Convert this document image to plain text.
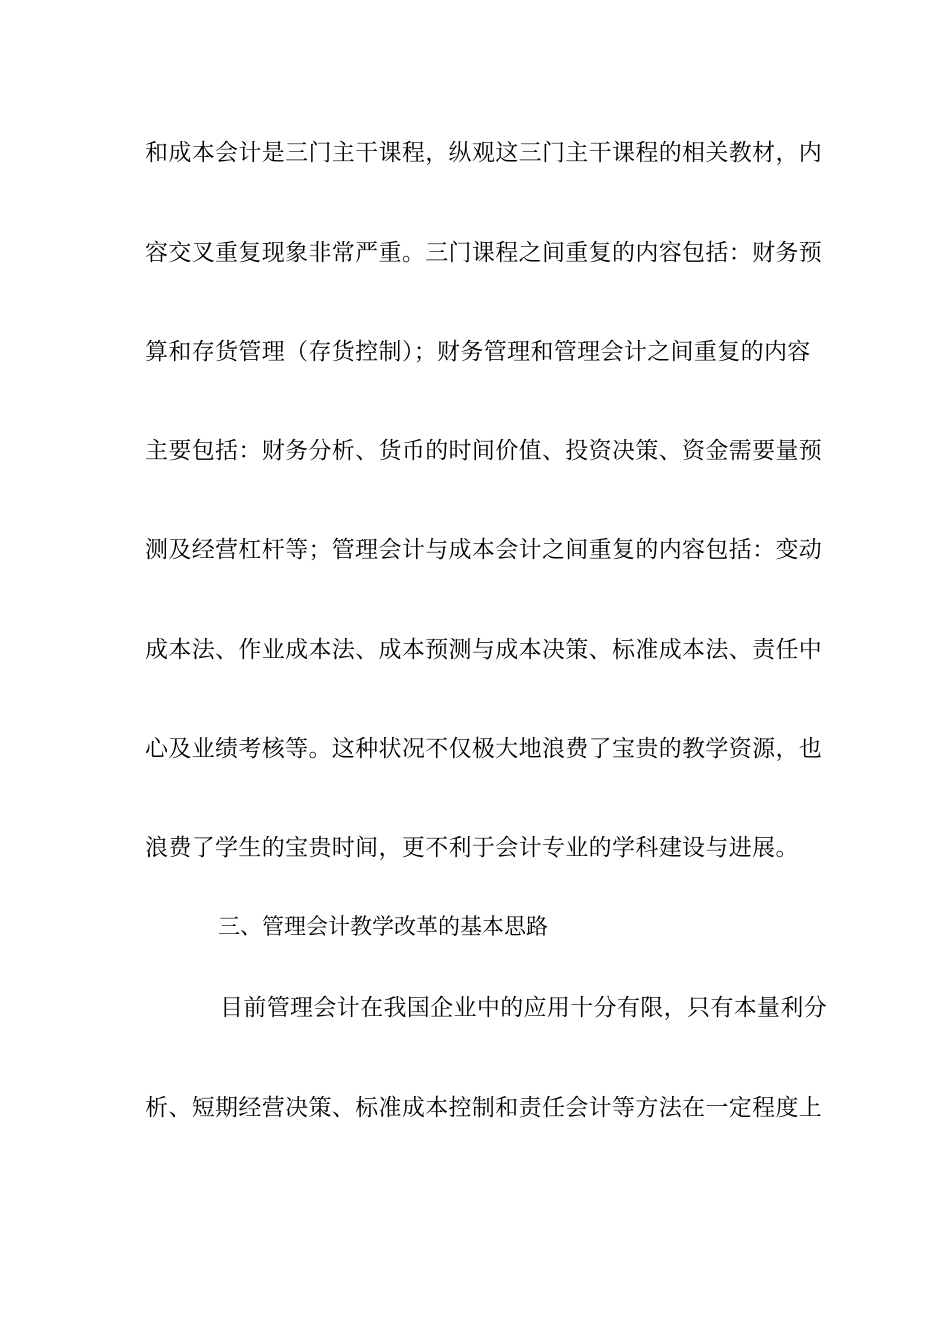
和成本会计是三门主干课程，纵观这三门主干课程的相关教材，内
容交叉重复现象非常严重。三门课程之间重复的内容包括：财务预
算和存货管理（存货控制）；财务管理和管理会计之间重复的内容
主要包括：财务分析、货币的时间价值、投资决策、资金需要量预
测及经营杠杆等；管理会计与成本会计之间重复的内容包括：变动
成本法、作业成本法、成本预测与成本决策、标准成本法、责任中
心及业绩考核等。这种状况不仅极大地浪费了宝贵的教学资源，也
浪费了学生的宝贵时间，更不利于会计专业的学科建设与进展。
三、管理会计教学改革的基本思路
目前管理会计在我国企业中的应用十分有限，只有本量利分
析、短期经营决策、标准成本控制和责任会计等方法在一定程度上
